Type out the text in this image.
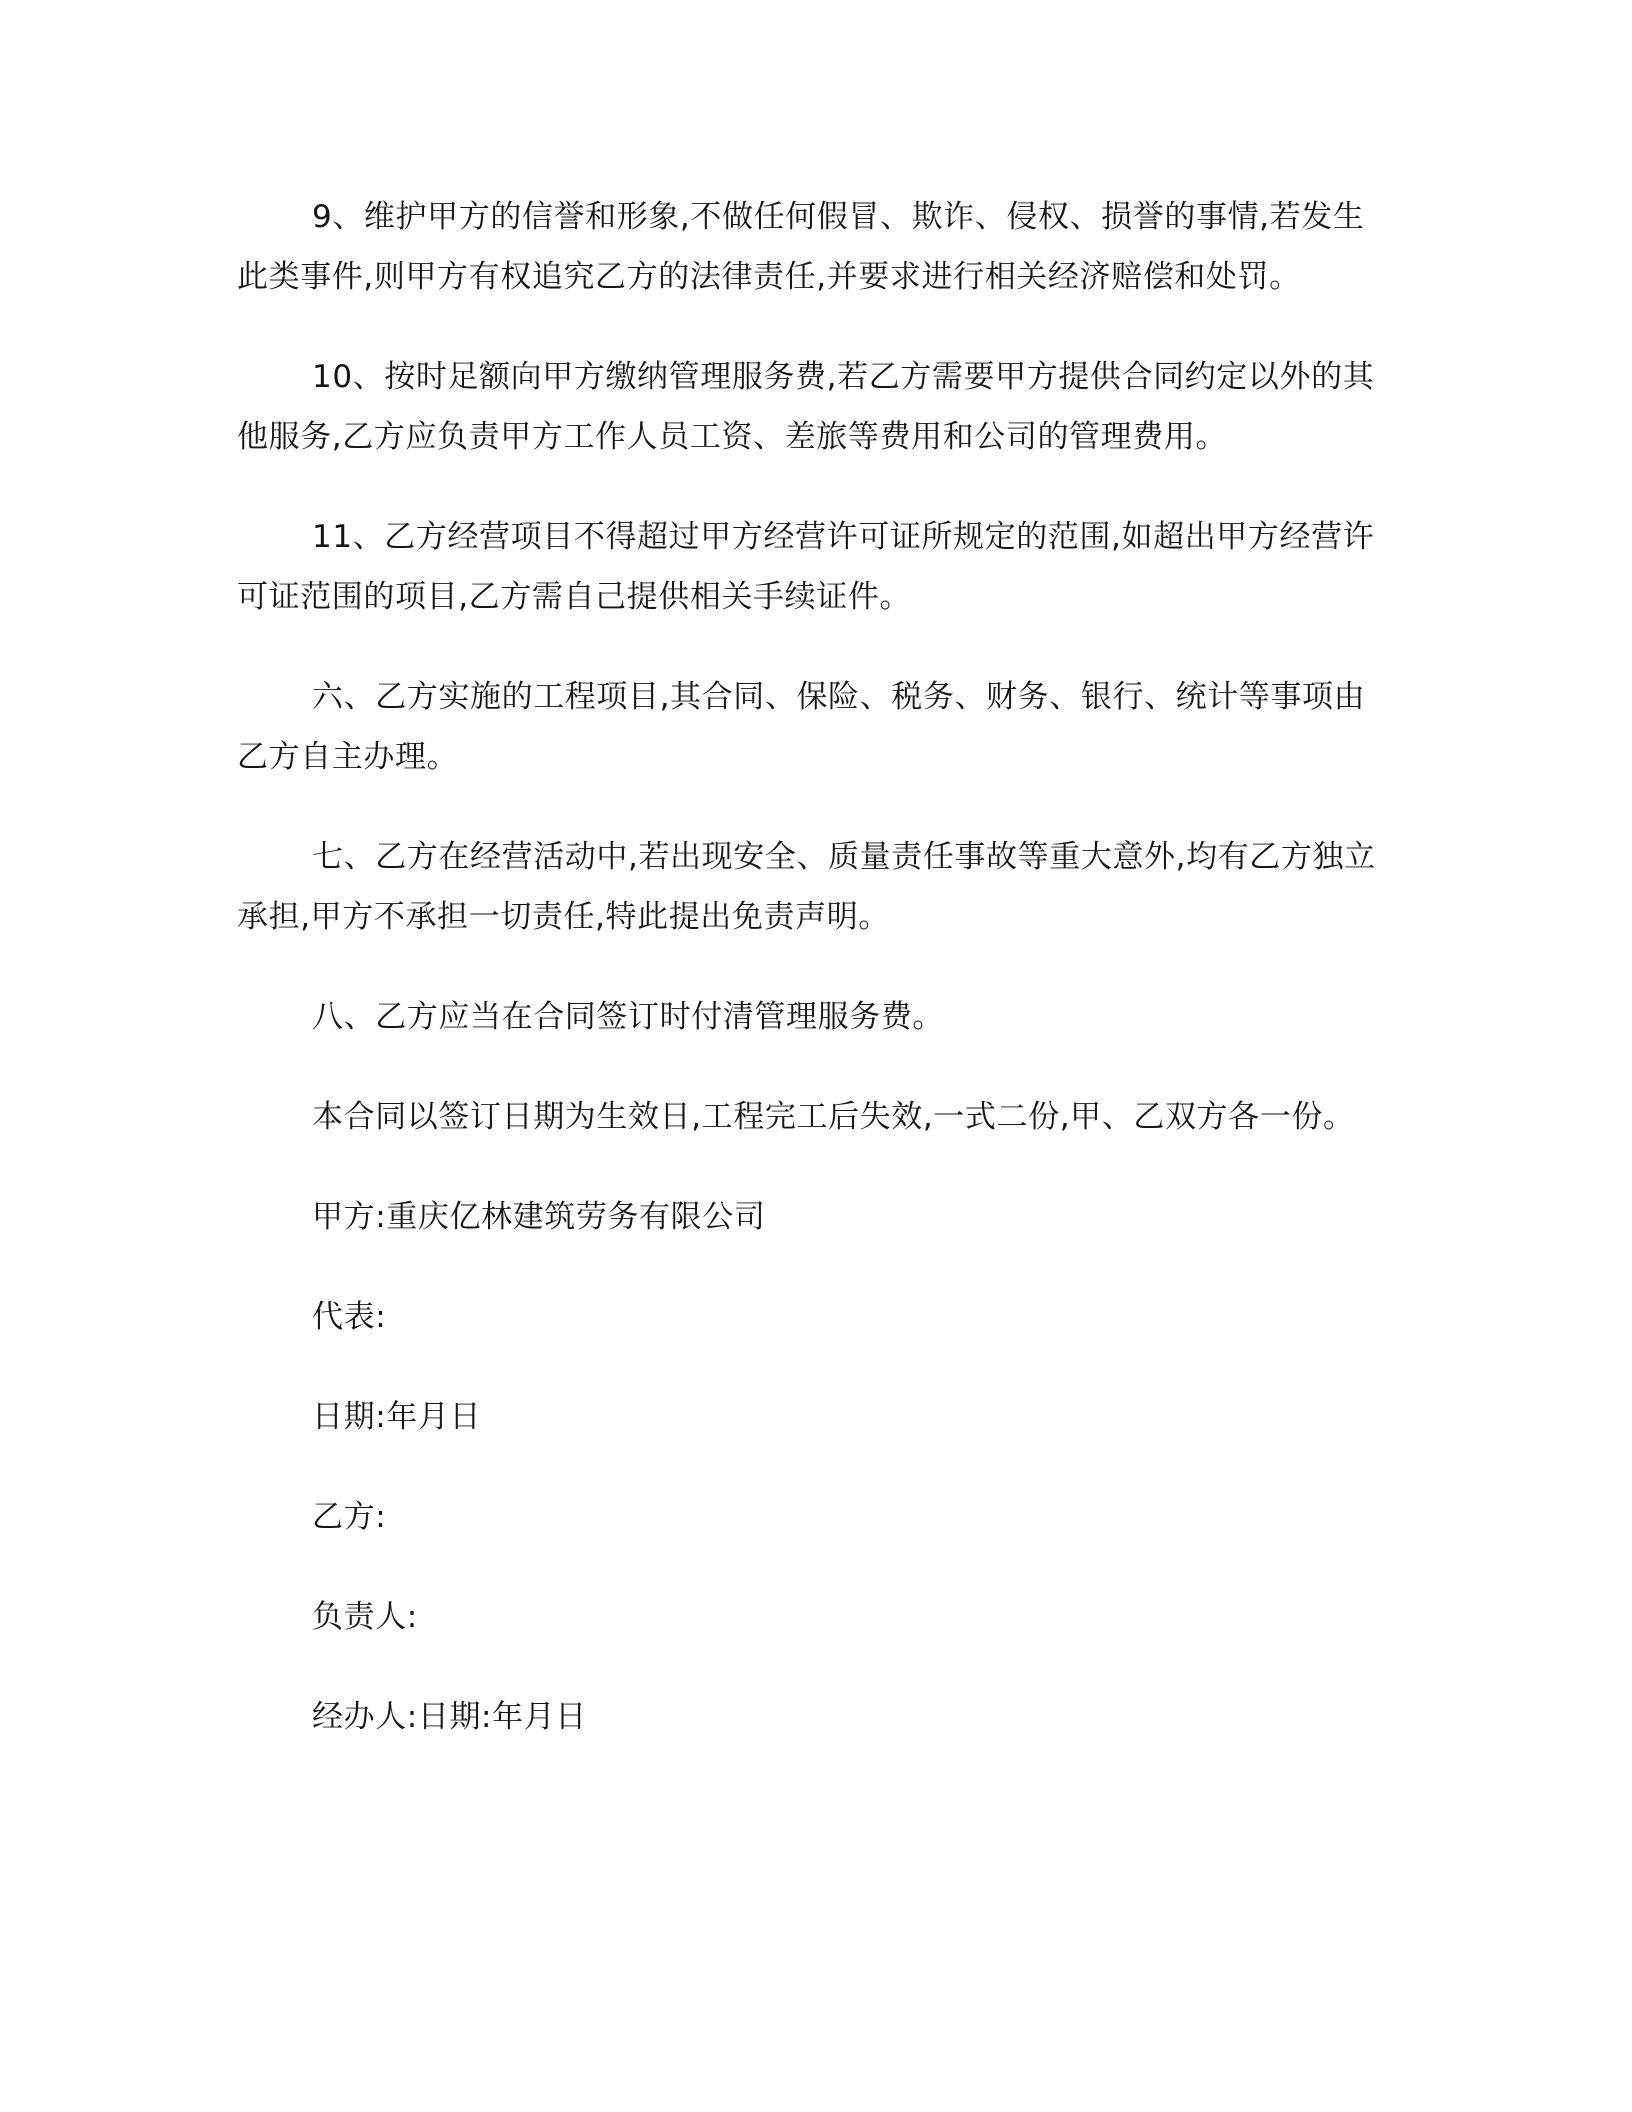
9、维护甲方的信誉和形象,不做任何假冒、欺诈、侵权、损誉的事情,若发生
此类事件,则甲方有权追究乙方的法律责任,并要求进行相关经济赔偿和处罚。
10、按时足额向甲方缴纳管理服务费,若乙方需要甲方提供合同约定以外的其
他服务,乙方应负责甲方工作人员工资、差旅等费用和公司的管理费用。
11、乙方经营项目不得超过甲方经营许可证所规定的范围,如超出甲方经营许
可证范围的项目,乙方需自己提供相关手续证件。
六、乙方实施的工程项目,其合同、保险、税务、财务、银行、统计等事项由
乙方自主办理。
七、乙方在经营活动中,若出现安全、质量责任事故等重大意外,均有乙方独立
承担,甲方不承担一切责任,特此提出免责声明。
八、乙方应当在合同签订时付清管理服务费。
本合同以签订日期为生效日,工程完工后失效,一式二份,甲、乙双方各一份。
甲方:重庆亿林建筑劳务有限公司
代表:
日期:年月日
乙方:
负责人:
经办人:日期:年月日
